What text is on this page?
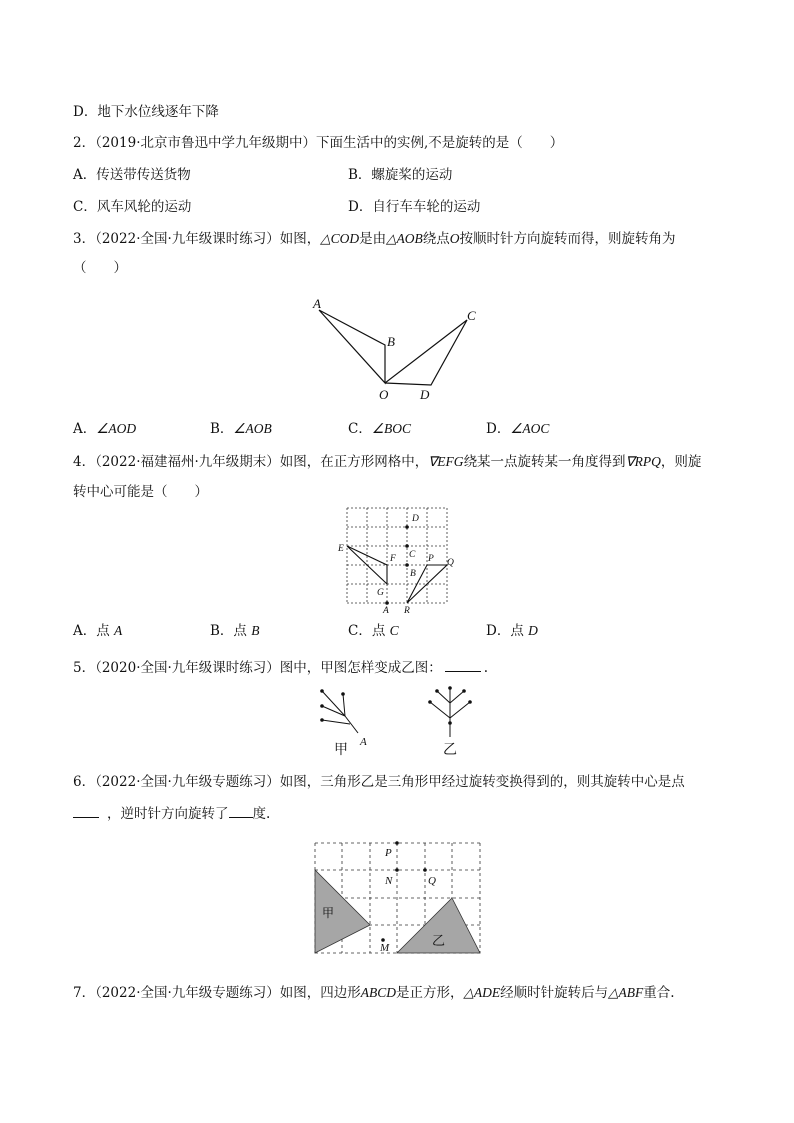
D．地下水位线逐年下降
2．（2019·北京市鲁迅中学九年级期中）下面生活中的实例,不是旋转的是（　　）
A．传送带传送货物	B．螺旋桨的运动
C．风车风轮的运动	D．自行车车轮的运动
3．（2022·全国·九年级课时练习）如图，△COD是由△AOB绕点O按顺时针方向旋转而得，则旋转角为
（　　）
A
B
C
O D
A．∠AOD	B．∠AOB	C．∠BOC	D．∠AOC
4．（2022·福建福州·九年级期末）如图，在正方形网格中，∇EFG绕某一点旋转某一角度得到∇RPQ，则旋
转中心可能是（　　）
D
C
E
F
B
P Q
G
A R
A．点 A	B．点 B	C．点 C	D．点 D
5．（2020·全国·九年级课时练习）图中，甲图怎样变成乙图：	.
甲
A
乙
6．（2022·全国·九年级专题练习）如图，三角形乙是三角形甲经过旋转变换得到的，则其旋转中心是点
，逆时针方向旋转了 度.
P
N	Q
M
甲
乙
7．（2022·全国·九年级专题练习）如图，四边形ABCD是正方形，△ADE经顺时针旋转后与△ABF重合.
